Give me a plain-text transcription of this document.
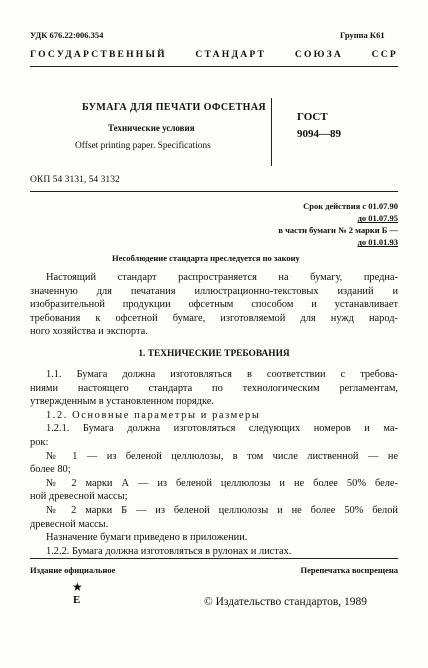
УДК 676.22:006.354	Группа К61
ГОСУДАРСТВЕННЫЙ СТАНДАРТ СОЮЗА ССР
БУМАГА ДЛЯ ПЕЧАТИ ОФСЕТНАЯ
Технические условия
Offset printing paper. Specifications
ГОСТ
9094—89
ОКП 54 3131, 54 3132
Срок действия с 01.07.90
до 01.07.95
в части бумаги № 2 марки Б —
до 01.01.93
Несоблюдение стандарта преследуется по закону
Настоящий стандарт распространяется на бумагу, предна-
значенную для печатания иллюстрационно-текстовых изданий и
изобразительной продукции офсетным способом и устанавливает
требования к офсетной бумаге, изготовляемой для нужд народ-
ного хозяйства и экспорта.
1. ТЕХНИЧЕСКИЕ ТРЕБОВАНИЯ
1.1. Бумага должна изготовляться в соответствии с требова-
ниями настоящего стандарта по технологическим регламентам,
утвержденным в установленном порядке.
1.2. Основные параметры и размеры
1.2.1. Бумага должна изготовляться следующих номеров и ма-
рок:
№ 1 — из беленой целлюлозы, в том числе лиственной — не
более 80;
№ 2 марки А — из беленой целлюлозы и не более 50% беле-
ной древесной массы;
№ 2 марки Б — из беленой целлюлозы и не более 50% белой
древесной массы.
Назначение бумаги приведено в приложении.
1.2.2. Бумага должна изготовляться в рулонах и листах.
Издание официальное	Перепечатка воспрещена
★
E	© Издательство стандартов, 1989
